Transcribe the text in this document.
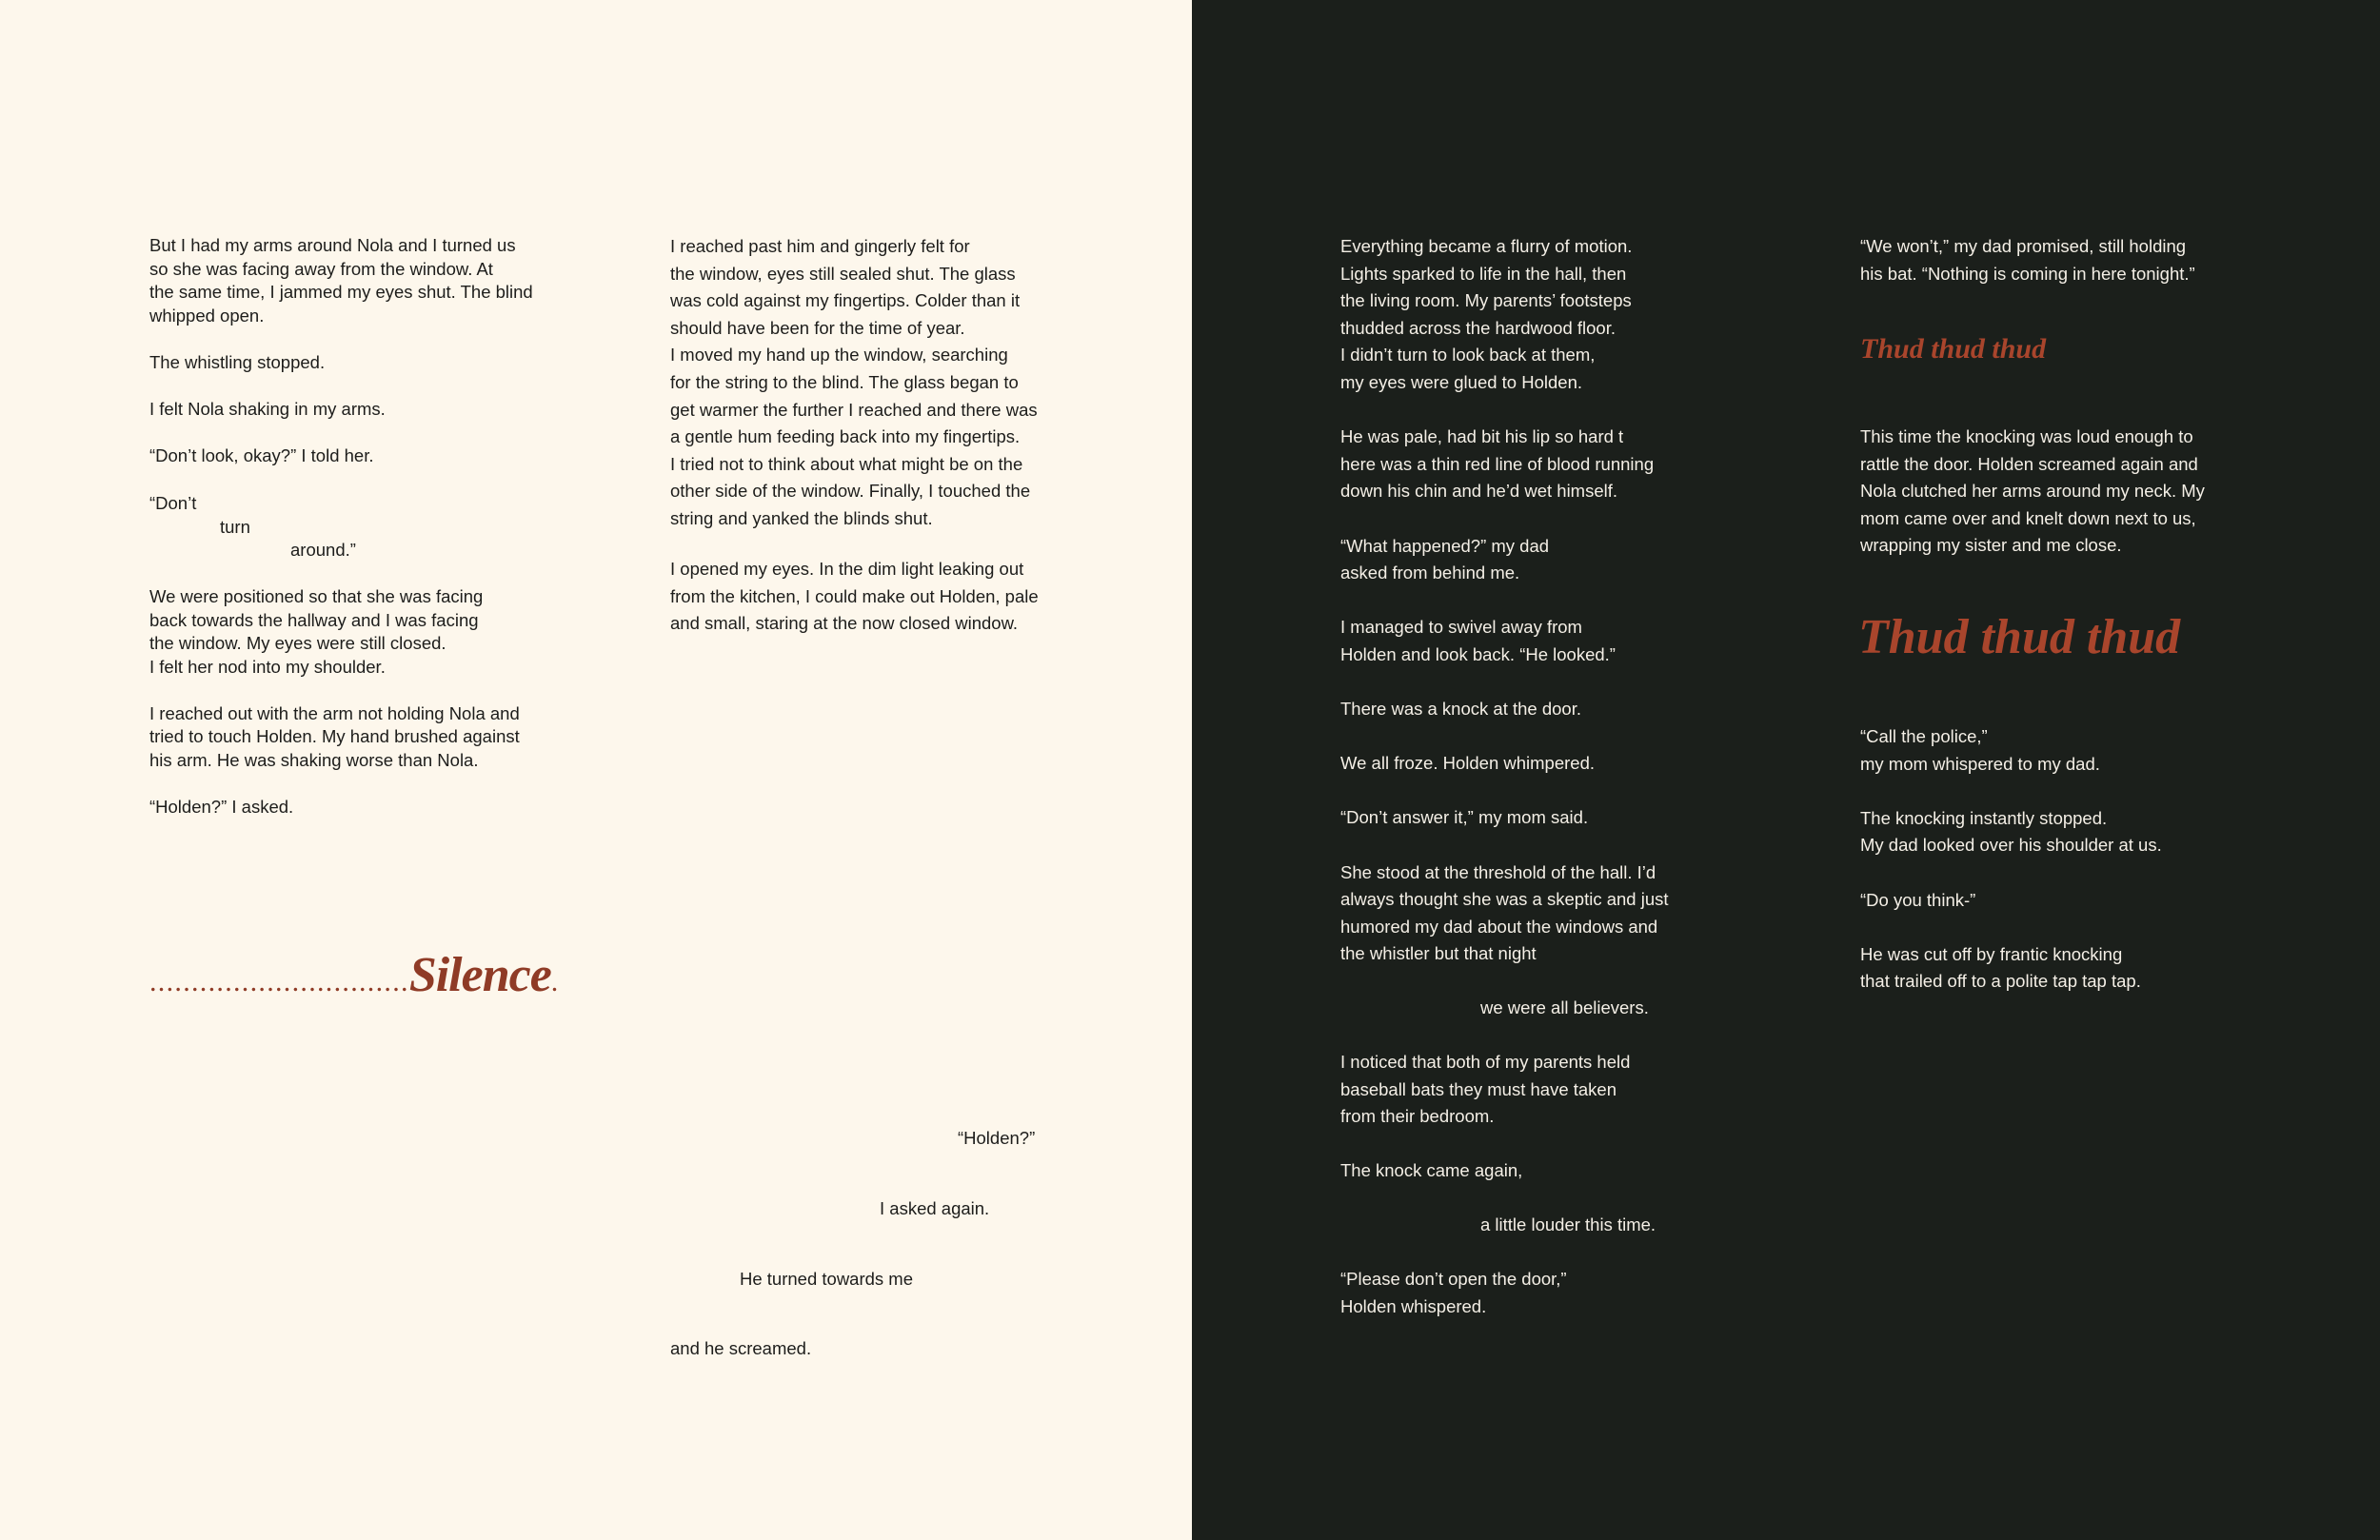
But I had my arms around Nola and I turned us
so she was facing away from the window. At
the same time, I jammed my eyes shut. The blind
whipped open.
The whistling stopped.
I felt Nola shaking in my arms.
“Don’t look, okay?” I told her.
“Don’t
turn
around.”
We were positioned so that she was facing
back towards the hallway and I was facing
the window. My eyes were still closed.
I felt her nod into my shoulder.
I reached out with the arm not holding Nola and
tried to touch Holden. My hand brushed against
his arm. He was shaking worse than Nola.
“Holden?” I asked.
I reached past him and gingerly felt for
the window, eyes still sealed shut. The glass
was cold against my fingertips. Colder than it
should have been for the time of year.
I moved my hand up the window, searching
for the string to the blind. The glass began to
get warmer the further I reached and there was
a gentle hum feeding back into my fingertips.
I tried not to think about what might be on the
other side of the window. Finally, I touched the
string and yanked the blinds shut.
I opened my eyes. In the dim light leaking out
from the kitchen, I could make out Holden, pale
and small, staring at the now closed window.
...............................Silence.
“Holden?”
I asked again.
He turned towards me
and he screamed.
Everything became a flurry of motion.
Lights sparked to life in the hall, then
the living room. My parents’ footsteps
thudded across the hardwood floor.
I didn’t turn to look back at them,
my eyes were glued to Holden.
He was pale, had bit his lip so hard t
here was a thin red line of blood running
down his chin and he’d wet himself.
“What happened?” my dad
asked from behind me.
I managed to swivel away from
Holden and look back. “He looked.”
There was a knock at the door.
We all froze. Holden whimpered.
“Don’t answer it,” my mom said.
She stood at the threshold of the hall. I’d
always thought she was a skeptic and just
humored my dad about the windows and
the whistler but that night
we were all believers.
I noticed that both of my parents held
baseball bats they must have taken
from their bedroom.
The knock came again,
a little louder this time.
“Please don’t open the door,”
Holden whispered.
“We won’t,” my dad promised, still holding
his bat. “Nothing is coming in here tonight.”
This time the knocking was loud enough to
rattle the door. Holden screamed again and
Nola clutched her arms around my neck. My
mom came over and knelt down next to us,
wrapping my sister and me close.
“Call the police,”
my mom whispered to my dad.
The knocking instantly stopped.
My dad looked over his shoulder at us.
“Do you think-”
He was cut off by frantic knocking
that trailed off to a polite tap tap tap.
Thud thud thud
Thud thud thud
